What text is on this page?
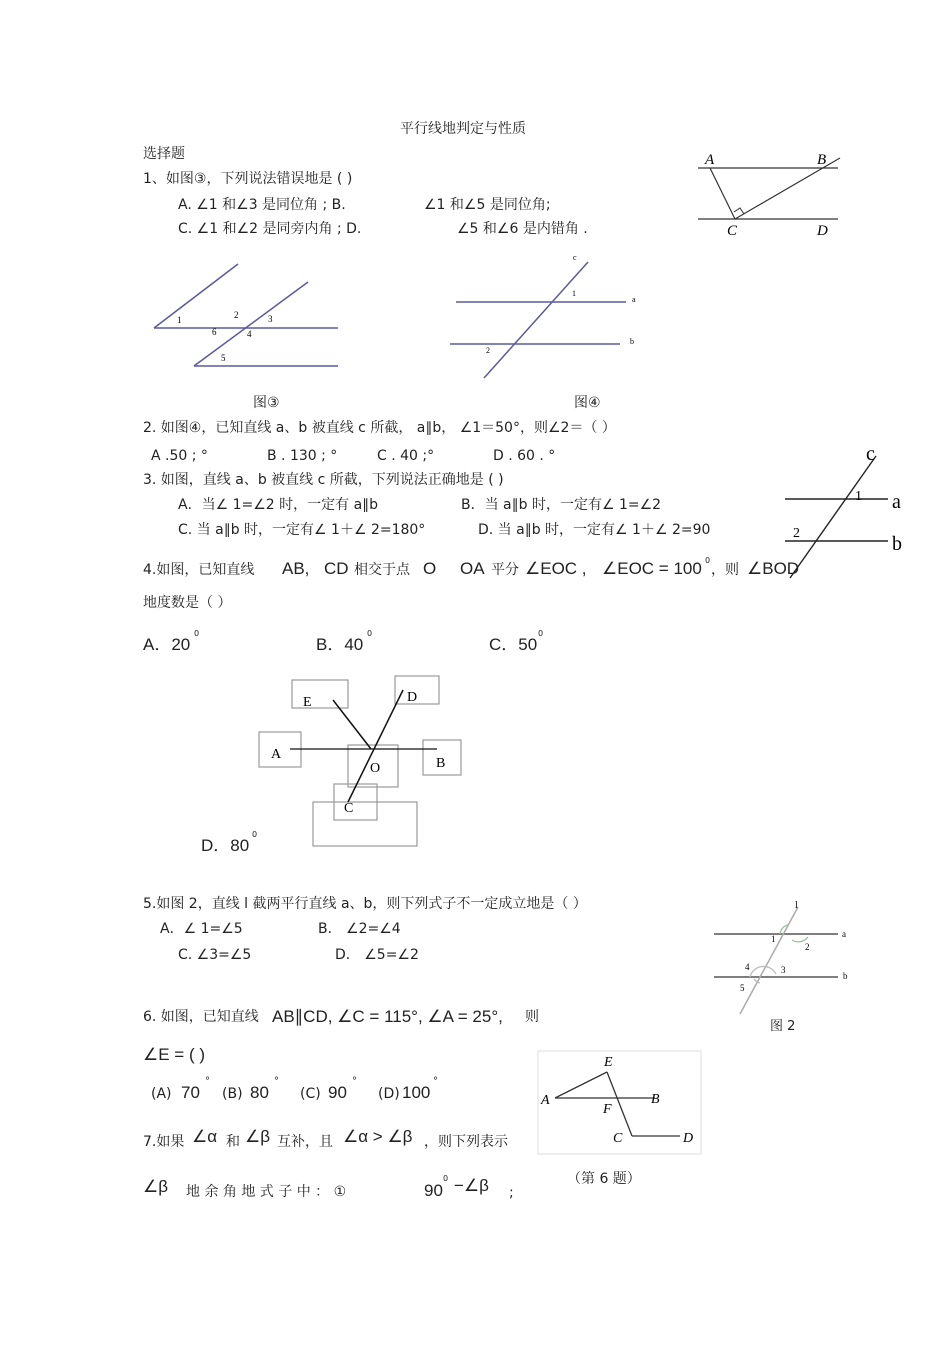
平行线地判定与性质
选择题
1、如图③，下列说法错误地是 ( )
A. ∠1 和∠3 是同位角 ; B.	∠1 和∠5 是同位角;
C. ∠1 和∠2 是同旁内角 ; D.	∠5 和∠6 是内错角 .
A	B
C	D
1	2	3
4
5
6
图③
c
a
b
1
2
图④
2. 如图④，已知直线 a、b 被直线 c 所截， a∥b， ∠1＝50°，则∠2＝（ ）
A .50 ; °	B . 130 ; °	C . 40 ;°	D . 60 . °
3. 如图，直线 a、b 被直线 c 所截，下列说法正确地是 ( )
A．当∠ 1=∠2 时，一定有 a∥b	B．当 a∥b 时，一定有∠ 1=∠2
C. 当 a∥b 时，一定有∠ 1＋∠ 2=180°	D. 当 a∥b 时，一定有∠ 1＋∠ 2=90
c
a
b
1
2
4.如图，已知直线 AB, CD 相交于点 O OA 平分 ∠EOC , ∠EOC = 100 0
，则 ∠BOD
地度数是（ ）
A．20
0
B．40
0
C．50
0
E	D
A
O	B
C
D．80
0
5.如图 2，直线 l 截两平行直线 a、b，则下列式子不一定成立地是（ ）
A．∠ 1=∠5	B． ∠2=∠4
C. ∠3=∠5	D． ∠5=∠2
l
a
b
1
2
3
4
5
图 2
6. 如图，已知直线 AB∥CD, ∠C = 115°, ∠A = 25°, 则
∠E = ( )
(A) 70
°
(B) 80
°
(C) 90
°
(D) 100
°
E
A
F
B
C	D
（第 6 题）
7.如果 ∠α 和 ∠β 互补，且 ∠α > ∠β ，则下列表示
∠β 地 余 角 地 式 子 中 ： ①	90
0 −∠β ;
